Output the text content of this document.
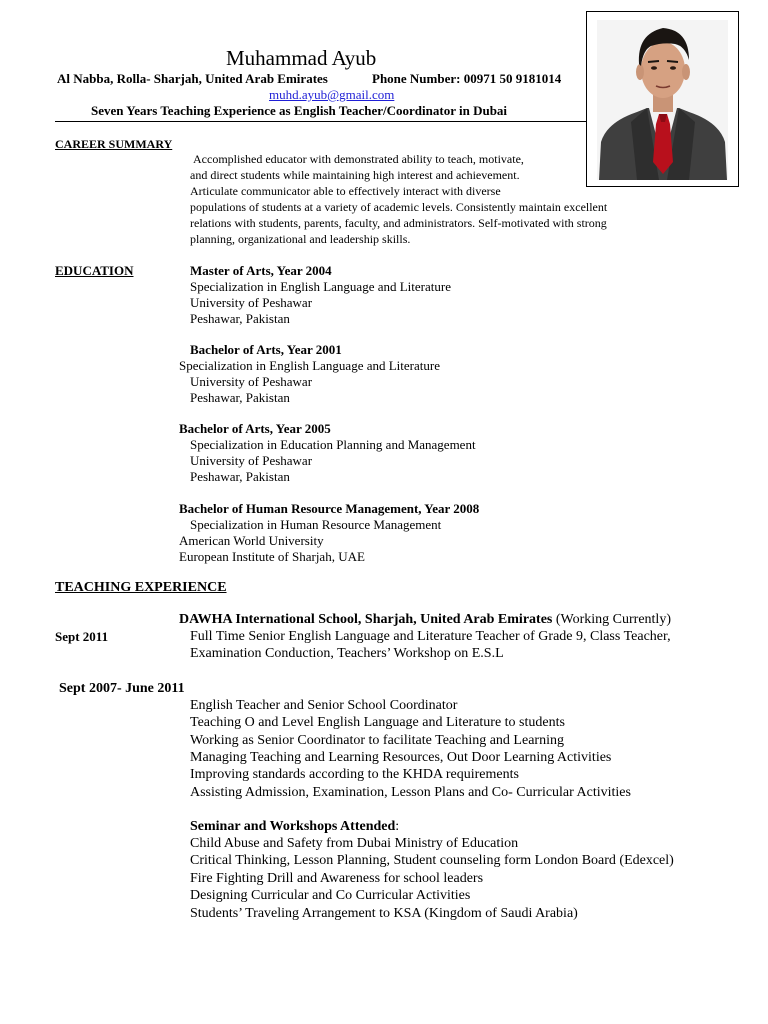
Muhammad Ayub
Al Nabba, Rolla- Sharjah, United Arab Emirates	Phone Number: 00971 50 9181014
muhd.ayub@gmail.com
Seven Years Teaching Experience as English Teacher/Coordinator in Dubai
CAREER SUMMARY
Accomplished educator with demonstrated ability to teach, motivate,
and direct students while maintaining high interest and achievement.
Articulate communicator able to effectively interact with diverse
populations of students at a variety of academic levels. Consistently maintain excellent
relations with students, parents, faculty, and administrators. Self-motivated with strong
planning, organizational and leadership skills.
EDUCATION	Master of Arts, Year 2004
Specialization in English Language and Literature
University of Peshawar
Peshawar, Pakistan
Bachelor of Arts, Year 2001
Specialization in English Language and Literature
University of Peshawar
Peshawar, Pakistan
Bachelor of Arts, Year 2005
Specialization in Education Planning and Management
University of Peshawar
Peshawar, Pakistan
Bachelor of Human Resource Management, Year 2008
Specialization in Human Resource Management
American World University
European Institute of Sharjah, UAE
TEACHING EXPERIENCE
DAWHA International School, Sharjah, United Arab Emirates (Working Currently)
Sept 2011	Full Time Senior English Language and Literature Teacher of Grade 9, Class Teacher,
Examination Conduction, Teachers’ Workshop on E.S.L
Sept 2007- June 2011
English Teacher and Senior School Coordinator
Teaching O and Level English Language and Literature to students
Working as Senior Coordinator to facilitate Teaching and Learning
Managing Teaching and Learning Resources, Out Door Learning Activities
Improving standards according to the KHDA requirements
Assisting Admission, Examination, Lesson Plans and Co- Curricular Activities
Seminar and Workshops Attended:
Child Abuse and Safety from Dubai Ministry of Education
Critical Thinking, Lesson Planning, Student counseling form London Board (Edexcel)
Fire Fighting Drill and Awareness for school leaders
Designing Curricular and Co Curricular Activities
Students’ Traveling Arrangement to KSA (Kingdom of Saudi Arabia)
